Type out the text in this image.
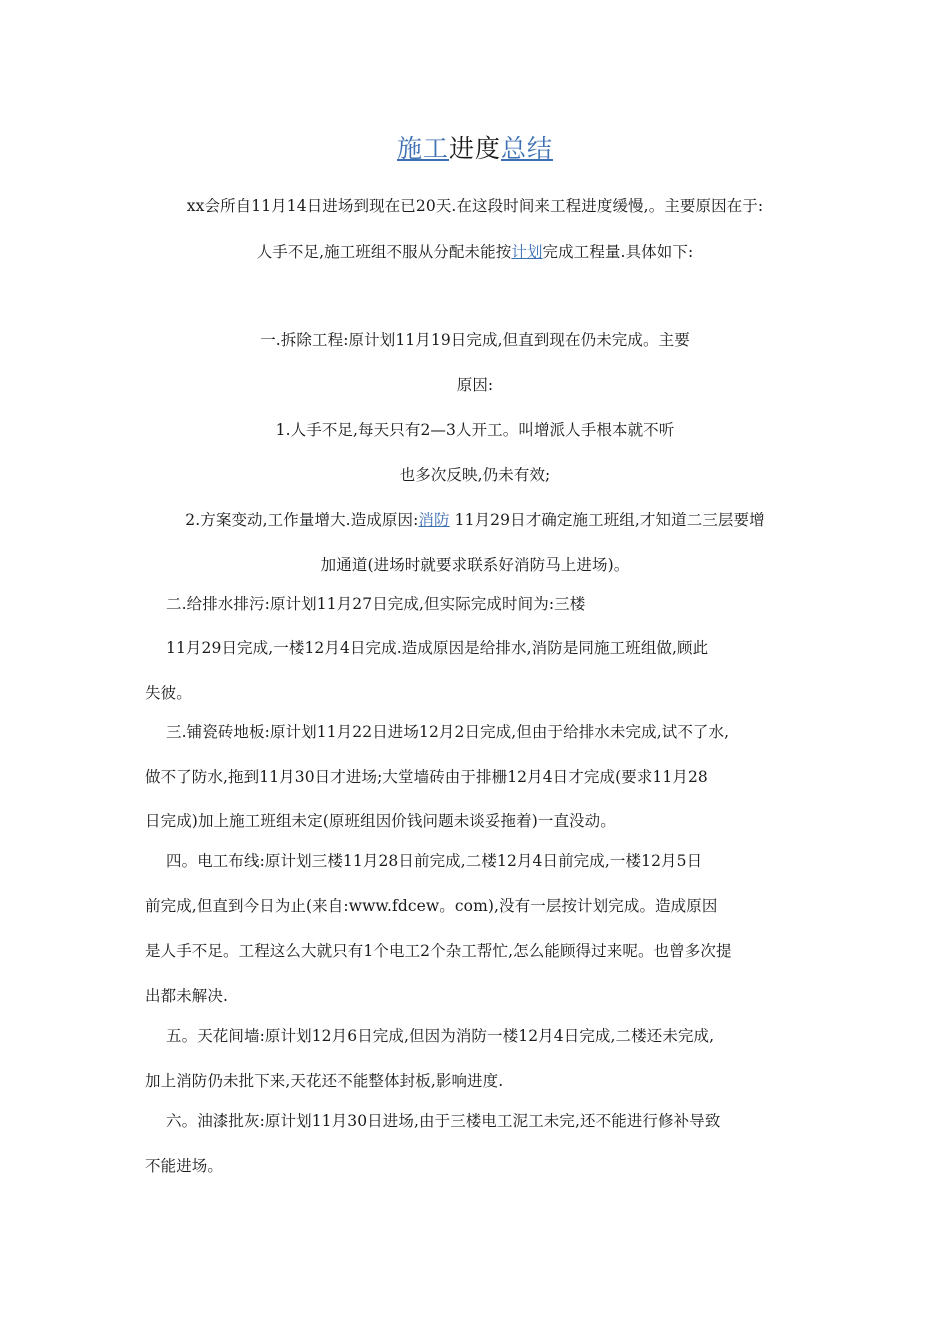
施工进度总结
xx会所自11月14日进场到现在已20天.在这段时间来工程进度缓慢,。主要原因在于:
人手不足,施工班组不服从分配未能按计划完成工程量.具体如下:
一.拆除工程:原计划11月19日完成,但直到现在仍未完成。主要
原因:
1.人手不足,每天只有2—3人开工。叫增派人手根本就不听
也多次反映,仍未有效;
2.方案变动,工作量增大.造成原因:消防 11月29日才确定施工班组,才知道二三层要增
加通道(进场时就要求联系好消防马上进场)。
二.给排水排污:原计划11月27日完成,但实际完成时间为:三楼
11月29日完成,一楼12月4日完成.造成原因是给排水,消防是同施工班组做,顾此
失彼。
三.铺瓷砖地板:原计划11月22日进场12月2日完成,但由于给排水未完成,试不了水,
做不了防水,拖到11月30日才进场;大堂墙砖由于排栅12月4日才完成(要求11月28
日完成)加上施工班组未定(原班组因价钱问题未谈妥拖着)一直没动。
四。电工布线:原计划三楼11月28日前完成,二楼12月4日前完成,一楼12月5日
前完成,但直到今日为止(来自:www.fdcew。com),没有一层按计划完成。造成原因
是人手不足。工程这么大就只有1个电工2个杂工帮忙,怎么能顾得过来呢。也曾多次提
出都未解决.
五。天花间墙:原计划12月6日完成,但因为消防一楼12月4日完成,二楼还未完成,
加上消防仍未批下来,天花还不能整体封板,影响进度.
六。油漆批灰:原计划11月30日进场,由于三楼电工泥工未完,还不能进行修补导致
不能进场。
